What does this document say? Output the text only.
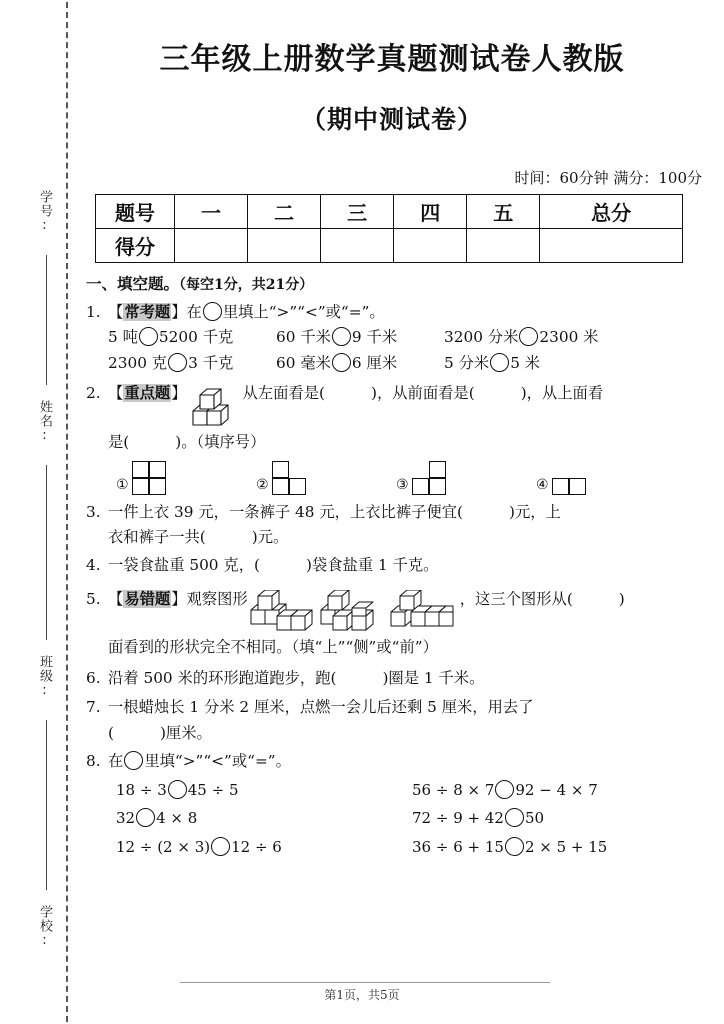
学号:
姓名:
班级:
学校:
三年级上册数学真题测试卷人教版
（期中测试卷）
时间：60分钟 满分：100分
题号	一	二	三	四	五	总分
得分						
一、填空题。（每空1分，共21分）
1. 【常考题】在 里填上“>”“<”或“=”。
5 吨 5200 千克	60 千米 9 千米	3200 分米 2300 米
2300 克 3 千克	60 毫米 6 厘米	5 分米 5 米
2. 【重点题】	从左面看是(	)，从前面看是(	)，从上面看
是(	)。（填序号）
①	②	③	④
3. 一件上衣 39 元，一条裤子 48 元，上衣比裤子便宜(	)元，上
衣和裤子一共(	)元。
4. 一袋食盐重 500 克，(	)袋食盐重 1 千克。
5. 【易错题】观察图形	，这三个图形从(	)
面看到的形状完全不相同。（填“上”“侧”或“前”）
6. 沿着 500 米的环形跑道跑步，跑(	)圈是 1 千米。
7. 一根蜡烛长 1 分米 2 厘米，点燃一会儿后还剩 5 厘米，用去了
(	)厘米。
8. 在 里填“>”“<”或“=”。
18 ÷ 3 45 ÷ 5	56 ÷ 8 × 7 92 − 4 × 7
32 4 × 8	72 ÷ 9 + 42 50
12 ÷ (2 × 3) 12 ÷ 6	36 ÷ 6 + 15 2 × 5 + 15
第1页，共5页
